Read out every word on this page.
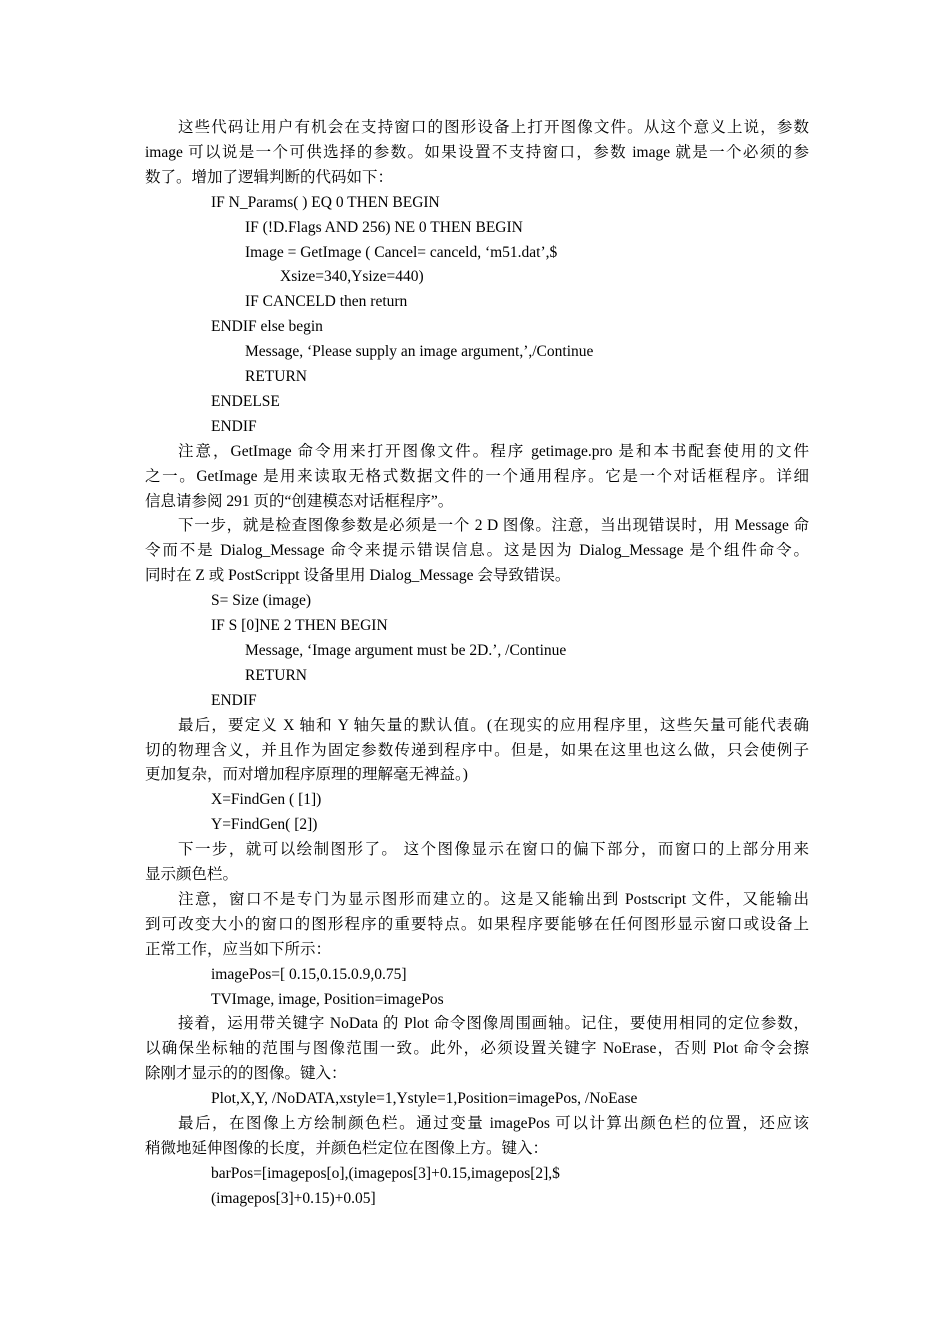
这些代码让用户有机会在支持窗口的图形设备上打开图像文件。从这个意义上说，参数
image 可以说是一个可供选择的参数。如果设置不支持窗口，参数 image 就是一个必须的参
数了。增加了逻辑判断的代码如下：
IF N_Params( ) EQ 0 THEN BEGIN
IF (!D.Flags AND 256) NE 0 THEN BEGIN
Image = GetImage ( Cancel= canceld, ‘m51.dat’,$
Xsize=340,Ysize=440)
IF CANCELD then return
ENDIF else begin
Message, ‘Please supply an image argument,’,/Continue
RETURN
ENDELSE
ENDIF
注意，GetImage 命令用来打开图像文件。程序 getimage.pro 是和本书配套使用的文件
之一。GetImage 是用来读取无格式数据文件的一个通用程序。它是一个对话框程序。详细
信息请参阅 291 页的“创建模态对话框程序”。
下一步，就是检查图像参数是必须是一个 2 D 图像。注意，当出现错误时，用 Message 命
令而不是 Dialog_Message 命令来提示错误信息。这是因为 Dialog_Message 是个组件命令。
同时在 Z 或 PostScrippt 设备里用 Dialog_Message 会导致错误。
S= Size (image)
IF S [0]NE 2 THEN BEGIN
Message, ‘Image argument must be 2D.’, /Continue
RETURN
ENDIF
最后，要定义 X 轴和 Y 轴矢量的默认值。(在现实的应用程序里，这些矢量可能代表确
切的物理含义，并且作为固定参数传递到程序中。但是，如果在这里也这么做，只会使例子
更加复杂，而对增加程序原理的理解毫无裨益。)
X=FindGen ( [1])
Y=FindGen( [2])
下一步，就可以绘制图形了。 这个图像显示在窗口的偏下部分，而窗口的上部分用来
显示颜色栏。
注意，窗口不是专门为显示图形而建立的。这是又能输出到 Postscript 文件，又能输出
到可改变大小的窗口的图形程序的重要特点。如果程序要能够在任何图形显示窗口或设备上
正常工作，应当如下所示：
imagePos=[ 0.15,0.15.0.9,0.75]
TVImage, image, Position=imagePos
接着，运用带关键字 NoData 的 Plot 命令图像周围画轴。记住，要使用相同的定位参数，
以确保坐标轴的范围与图像范围一致。此外，必须设置关键字 NoErase，否则 Plot 命令会擦
除刚才显示的的图像。键入：
Plot,X,Y, /NoDATA,xstyle=1,Ystyle=1,Position=imagePos, /NoEase
最后，在图像上方绘制颜色栏。通过变量 imagePos 可以计算出颜色栏的位置，还应该
稍微地延伸图像的长度，并颜色栏定位在图像上方。键入：
barPos=[imagepos[o],(imagepos[3]+0.15,imagepos[2],$
(imagepos[3]+0.15)+0.05]
